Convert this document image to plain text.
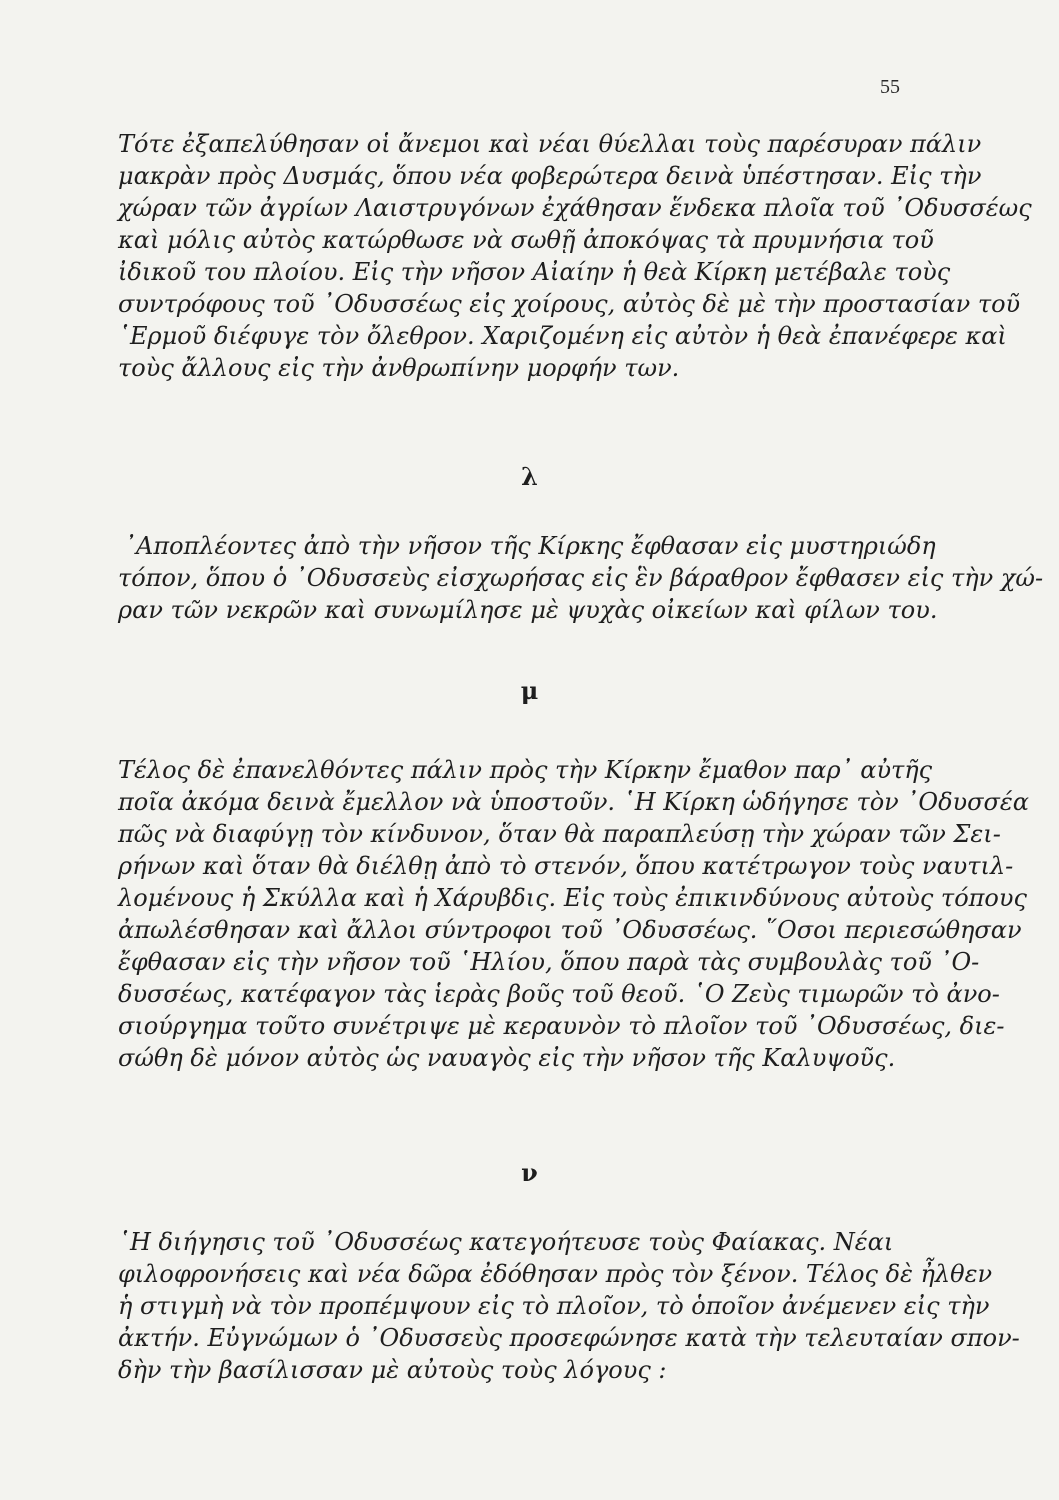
55
Τότε ἐξαπελύθησαν οἱ ἄνεμοι καὶ νέαι θύελλαι τοὺς παρέσυραν πάλιν
μακρὰν πρὸς Δυσμάς, ὅπου νέα φοβερώτερα δεινὰ ὑπέστησαν. Εἰς τὴν
χώραν τῶν ἀγρίων Λαιστρυγόνων ἐχάθησαν ἕνδεκα πλοῖα τοῦ ᾿Οδυσσέως
καὶ μόλις αὐτὸς κατώρθωσε νὰ σωθῇ ἀποκόψας τὰ πρυμνήσια τοῦ
ἰδικοῦ του πλοίου. Εἰς τὴν νῆσον Αἰαίην ἡ θεὰ Κίρκη μετέβαλε τοὺς
συντρόφους τοῦ ᾿Οδυσσέως εἰς χοίρους, αὐτὸς δὲ μὲ τὴν προστασίαν τοῦ
῾Ερμοῦ διέφυγε τὸν ὄλεθρον. Χαριζομένη εἰς αὐτὸν ἡ θεὰ ἐπανέφερε καὶ
τοὺς ἄλλους εἰς τὴν ἀνθρωπίνην μορφήν των.
λ
᾿Αποπλέοντες ἀπὸ τὴν νῆσον τῆς Κίρκης ἔφθασαν εἰς μυστηριώδη
τόπον, ὅπου ὁ ᾿Οδυσσεὺς εἰσχωρήσας εἰς ἓν βάραθρον ἔφθασεν εἰς τὴν χώ-
ραν τῶν νεκρῶν καὶ συνωμίλησε μὲ ψυχὰς οἰκείων καὶ φίλων του.
μ
Τέλος δὲ ἐπανελθόντες πάλιν πρὸς τὴν Κίρκην ἔμαθον παρ᾿ αὐτῆς
ποῖα ἀκόμα δεινὰ ἔμελλον νὰ ὑποστοῦν. ῾Η Κίρκη ὡδήγησε τὸν ᾿Οδυσσέα
πῶς νὰ διαφύγῃ τὸν κίνδυνον, ὅταν θὰ παραπλεύσῃ τὴν χώραν τῶν Σει-
ρήνων καὶ ὅταν θὰ διέλθῃ ἀπὸ τὸ στενόν, ὅπου κατέτρωγον τοὺς ναυτιλ-
λομένους ἡ Σκύλλα καὶ ἡ Χάρυβδις. Εἰς τοὺς ἐπικινδύνους αὐτοὺς τόπους
ἀπωλέσθησαν καὶ ἄλλοι σύντροφοι τοῦ ᾿Οδυσσέως. ῞Οσοι περιεσώθησαν
ἔφθασαν εἰς τὴν νῆσον τοῦ ῾Ηλίου, ὅπου παρὰ τὰς συμβουλὰς τοῦ ᾿Ο-
δυσσέως, κατέφαγον τὰς ἱερὰς βοῦς τοῦ θεοῦ. ῾Ο Ζεὺς τιμωρῶν τὸ ἀνο-
σιούργημα τοῦτο συνέτριψε μὲ κεραυνὸν τὸ πλοῖον τοῦ ᾿Οδυσσέως, διε-
σώθη δὲ μόνον αὐτὸς ὡς ναυαγὸς εἰς τὴν νῆσον τῆς Καλυψοῦς.
ν
῾Η διήγησις τοῦ ᾿Οδυσσέως κατεγοήτευσε τοὺς Φαίακας. Νέαι
φιλοφρονήσεις καὶ νέα δῶρα ἐδόθησαν πρὸς τὸν ξένον. Τέλος δὲ ἦλθεν
ἡ στιγμὴ νὰ τὸν προπέμψουν εἰς τὸ πλοῖον, τὸ ὁποῖον ἀνέμενεν εἰς τὴν
ἀκτήν. Εὐγνώμων ὁ ᾿Οδυσσεὺς προσεφώνησε κατὰ τὴν τελευταίαν σπον-
δὴν τὴν βασίλισσαν μὲ αὐτοὺς τοὺς λόγους :
